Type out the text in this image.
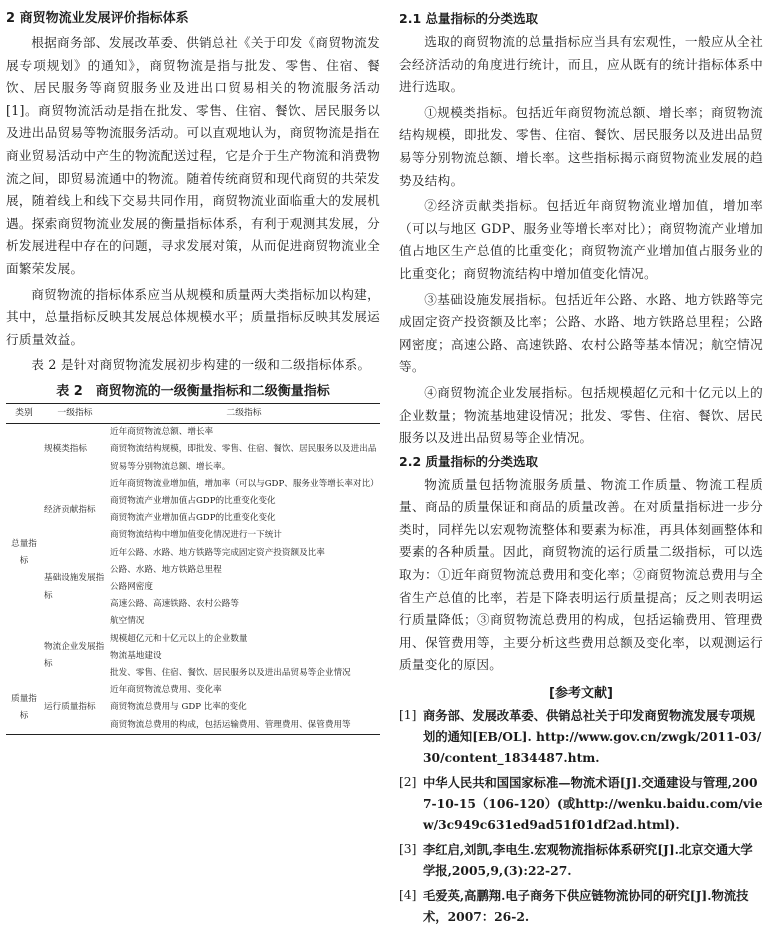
2 商贸物流业发展评价指标体系

根据商务部、发展改革委、供销总社《关于印发《商贸物流发展专项规划》的通知》，商贸物流是指与批发、零售、住宿、餐饮、居民服务等商贸服务业及进出口贸易相关的物流服务活动[1]。商贸物流活动是指在批发、零售、住宿、餐饮、居民服务以及进出品贸易等物流服务活动。可以直观地认为，商贸物流是指在商业贸易活动中产生的物流配送过程，它是介于生产物流和消费物流之间，即贸易流通中的物流。随着传统商贸和现代商贸的共荣发展，随着线上和线下交易共同作用，商贸物流业面临重大的发展机遇。探索商贸物流业发展的衡量指标体系，有利于观测其发展，分析发展进程中存在的问题，寻求发展对策，从而促进商贸物流业全面繁荣发展。

商贸物流的指标体系应当从规模和质量两大类指标加以构建，其中，总量指标反映其发展总体规模水平；质量指标反映其发展运行质量效益。

表 2 是针对商贸物流发展初步构建的一级和二级指标体系。

表 2　商贸物流的一级衡量指标和二级衡量指标
类别	一级指标	二级指标
总量指标	规模类指标	近年商贸物流总额、增长率
		商贸物流结构规模，即批发、零售、住宿、餐饮、居民服务以及进出品贸易等分别物流总额、增长率。
	经济贡献指标	近年商贸物流业增加值，增加率（可以与GDP、服务业等增长率对比）
		商贸物流产业增加值占GDP的比重变化变化
		商贸物流产业增加值占GDP的比重变化变化
		商贸物流结构中增加值变化情况进行一下统计
	基础设施发展指标	近年公路、水路、地方铁路等完成固定资产投资额及比率
		公路、水路、地方铁路总里程
		公路网密度
		高速公路、高速铁路、农村公路等
		航空情况
	物流企业发展指标	规模超亿元和十亿元以上的企业数量
		物流基地建设
		批发、零售、住宿、餐饮、居民服务以及进出品贸易等企业情况
质量指标	运行质量指标	近年商贸物流总费用、变化率
		商贸物流总费用与 GDP 比率的变化
		商贸物流总费用的构成，包括运输费用、管理费用、保管费用等
2.1 总量指标的分类选取

选取的商贸物流的总量指标应当具有宏观性，一般应从全社会经济活动的角度进行统计，而且，应从既有的统计指标体系中进行选取。

①规模类指标。包括近年商贸物流总额、增长率；商贸物流结构规模，即批发、零售、住宿、餐饮、居民服务以及进出品贸易等分别物流总额、增长率。这些指标揭示商贸物流业发展的趋势及结构。

②经济贡献类指标。包括近年商贸物流业增加值，增加率（可以与地区 GDP、服务业等增长率对比）；商贸物流产业增加值占地区生产总值的比重变化；商贸物流产业增加值占服务业的比重变化；商贸物流结构中增加值变化情况。

③基础设施发展指标。包括近年公路、水路、地方铁路等完成固定资产投资额及比率；公路、水路、地方铁路总里程；公路网密度；高速公路、高速铁路、农村公路等基本情况；航空情况等。

④商贸物流企业发展指标。包括规模超亿元和十亿元以上的企业数量；物流基地建设情况；批发、零售、住宿、餐饮、居民服务以及进出品贸易等企业情况。

2.2 质量指标的分类选取

物流质量包括物流服务质量、物流工作质量、物流工程质量、商品的质量保证和商品的质量改善。在对质量指标进一步分类时，同样先以宏观物流整体和要素为标准，再具体刻画整体和要素的各种质量。因此，商贸物流的运行质量二级指标，可以选取为：①近年商贸物流总费用和变化率；②商贸物流总费用与全省生产总值的比率，若是下降表明运行质量提高；反之则表明运行质量降低；③商贸物流总费用的构成，包括运输费用、管理费用、保管费用等，主要分析这些费用总额及变化率，以观测运行质量变化的原因。

[参考文献]
[1] 商务部、发展改革委、供销总社关于印发商贸物流发展专项规划的通知[EB/OL]. http://www.gov.cn/zwgk/2011-03/30/content_1834487.htm.
[2] 中华人民共和国国家标准—物流术语[J].交通建设与管理,2007-10-15（106-120）(或http://wenku.baidu.com/view/3c949c631ed9ad51f01df2ad.html).
[3] 李红启,刘凯,李电生.宏观物流指标体系研究[J].北京交通大学学报,2005,9,(3):22-27.
[4] 毛爱英,高鹏翔.电子商务下供应链物流协同的研究[J].物流技术，2007：26-2.
